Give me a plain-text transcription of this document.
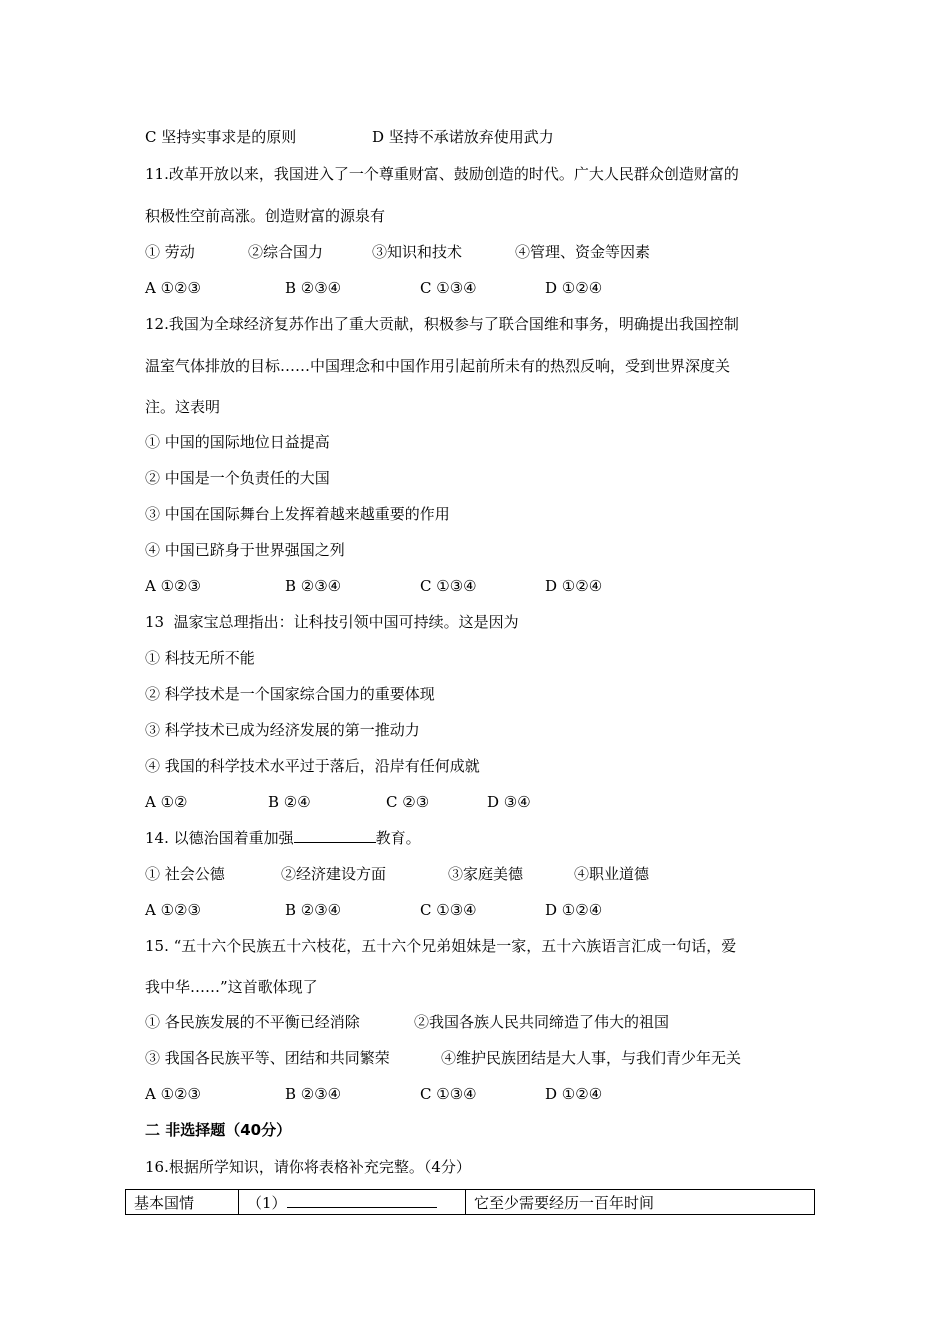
C 坚持实事求是的原则	D 坚持不承诺放弃使用武力
11.改革开放以来，我国进入了一个尊重财富、鼓励创造的时代。广大人民群众创造财富的
积极性空前高涨。创造财富的源泉有
① 劳动	②综合国力	③知识和技术	④管理、资金等因素
A ①②③	B ②③④	C ①③④	D ①②④
12.我国为全球经济复苏作出了重大贡献，积极参与了联合国维和事务，明确提出我国控制
温室气体排放的目标……中国理念和中国作用引起前所未有的热烈反响，受到世界深度关
注。这表明
① 中国的国际地位日益提高
② 中国是一个负责任的大国
③ 中国在国际舞台上发挥着越来越重要的作用
④ 中国已跻身于世界强国之列
A ①②③	B ②③④	C ①③④	D ①②④
13  温家宝总理指出：让科技引领中国可持续。这是因为
① 科技无所不能
② 科学技术是一个国家综合国力的重要体现
③ 科学技术已成为经济发展的第一推动力
④ 我国的科学技术水平过于落后，沿岸有任何成就
A ①②	B ②④	C ②③	D ③④
14. 以德治国着重加强	教育。
① 社会公德	②经济建设方面	③家庭美德	④职业道德
A ①②③	B ②③④	C ①③④	D ①②④
15. “五十六个民族五十六枝花，五十六个兄弟姐妹是一家，五十六族语言汇成一句话，爱
我中华……”这首歌体现了
① 各民族发展的不平衡已经消除	②我国各族人民共同缔造了伟大的祖国
③ 我国各民族平等、团结和共同繁荣	④维护民族团结是大人事，与我们青少年无关
A ①②③	B ②③④	C ①③④	D ①②④
二 非选择题（40分）
16.根据所学知识，请你将表格补充完整。（4分）
基本国情	（1）	它至少需要经历一百年时间
